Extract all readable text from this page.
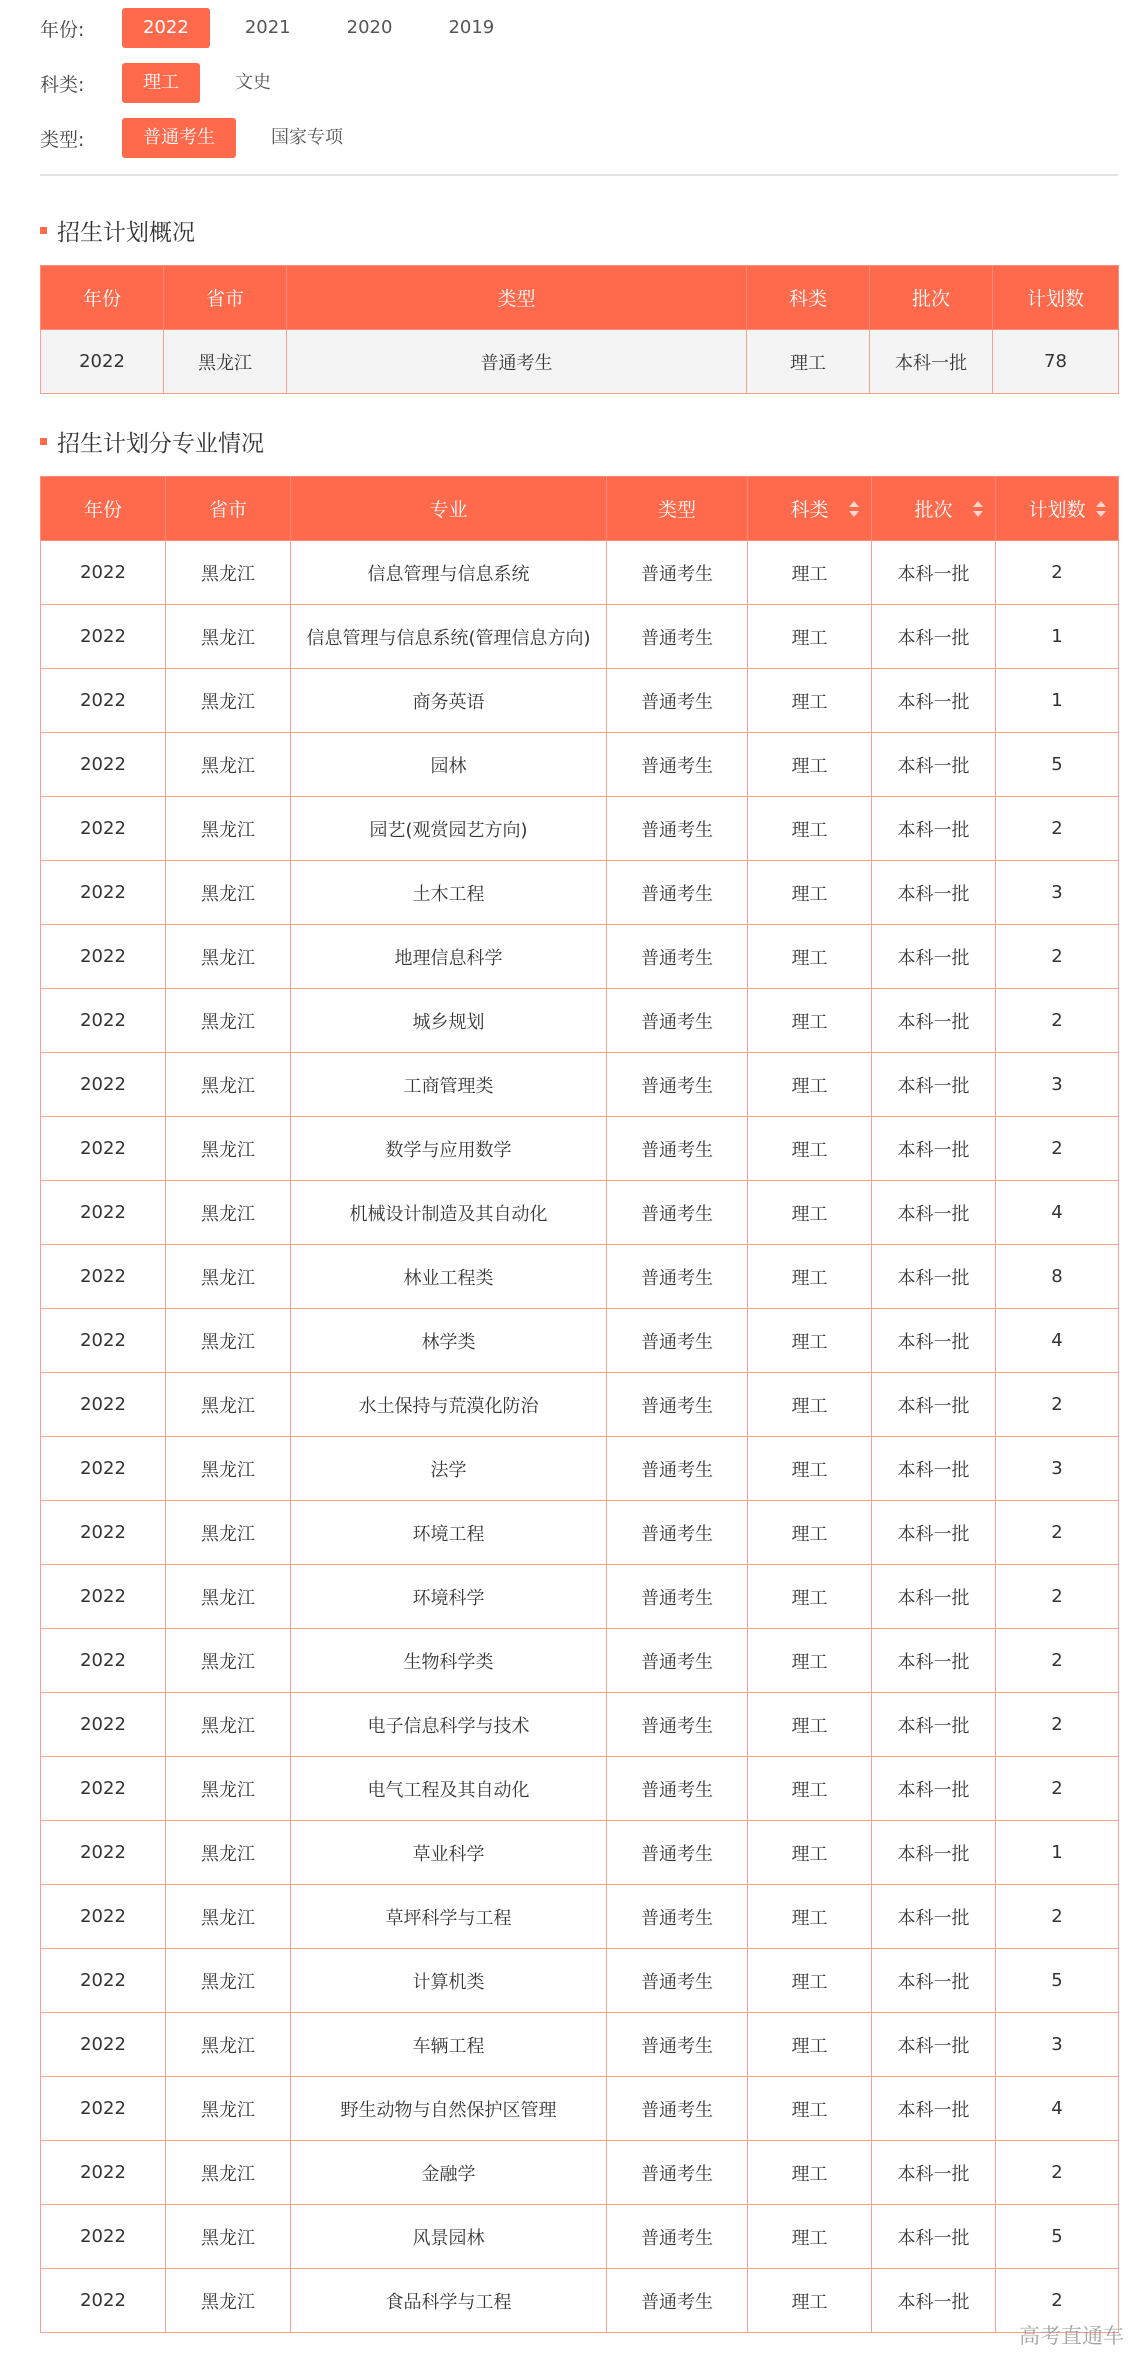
年份:	2022	2021	2020	2019
科类:	理工	文史
类型:	普通考生	国家专项
招生计划概况
年份	省市	类型	科类	批次	计划数
2022	黑龙江	普通考生	理工	本科一批	78
招生计划分专业情况
年份	省市	专业	类型	科类	批次	计划数

2022	黑龙江	信息管理与信息系统	普通考生	理工	本科一批	2
2022	黑龙江	信息管理与信息系统(管理信息方向)	普通考生	理工	本科一批	1
2022	黑龙江	商务英语	普通考生	理工	本科一批	1
2022	黑龙江	园林	普通考生	理工	本科一批	5
2022	黑龙江	园艺(观赏园艺方向)	普通考生	理工	本科一批	2
2022	黑龙江	土木工程	普通考生	理工	本科一批	3
2022	黑龙江	地理信息科学	普通考生	理工	本科一批	2
2022	黑龙江	城乡规划	普通考生	理工	本科一批	2
2022	黑龙江	工商管理类	普通考生	理工	本科一批	3
2022	黑龙江	数学与应用数学	普通考生	理工	本科一批	2
2022	黑龙江	机械设计制造及其自动化	普通考生	理工	本科一批	4
2022	黑龙江	林业工程类	普通考生	理工	本科一批	8
2022	黑龙江	林学类	普通考生	理工	本科一批	4
2022	黑龙江	水土保持与荒漠化防治	普通考生	理工	本科一批	2
2022	黑龙江	法学	普通考生	理工	本科一批	3
2022	黑龙江	环境工程	普通考生	理工	本科一批	2
2022	黑龙江	环境科学	普通考生	理工	本科一批	2
2022	黑龙江	生物科学类	普通考生	理工	本科一批	2
2022	黑龙江	电子信息科学与技术	普通考生	理工	本科一批	2
2022	黑龙江	电气工程及其自动化	普通考生	理工	本科一批	2
2022	黑龙江	草业科学	普通考生	理工	本科一批	1
2022	黑龙江	草坪科学与工程	普通考生	理工	本科一批	2
2022	黑龙江	计算机类	普通考生	理工	本科一批	5
2022	黑龙江	车辆工程	普通考生	理工	本科一批	3
2022	黑龙江	野生动物与自然保护区管理	普通考生	理工	本科一批	4
2022	黑龙江	金融学	普通考生	理工	本科一批	2
2022	黑龙江	风景园林	普通考生	理工	本科一批	5
2022	黑龙江	食品科学与工程	普通考生	理工	本科一批	2
高考直通车
